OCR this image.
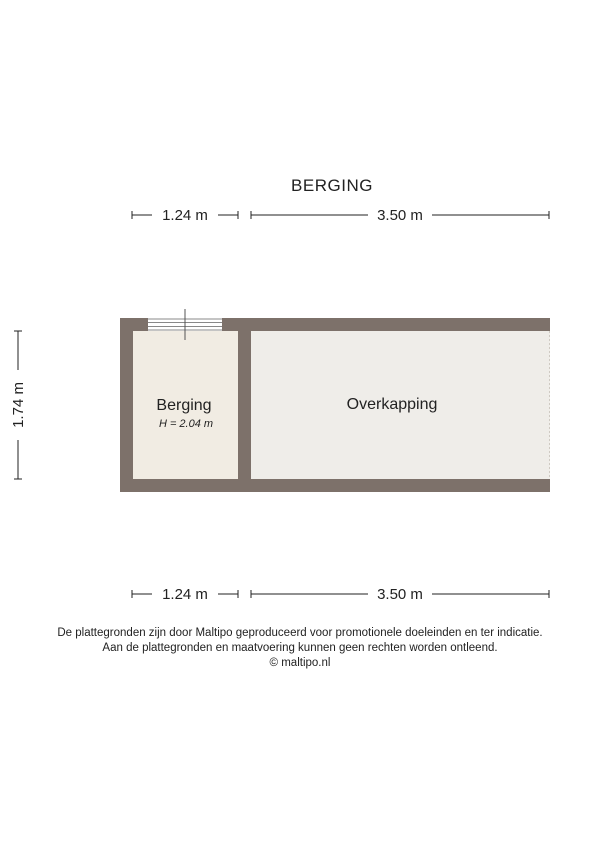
BERGING
1.24 m	3.50 m
1.74 m	Berging
H = 2.04 m
Overkapping
1.24 m	3.50 m
De plattegronden zijn door Maltipo geproduceerd voor promotionele doeleinden en ter indicatie.
Aan de plattegronden en maatvoering kunnen geen rechten worden ontleend.
© maltipo.nl
